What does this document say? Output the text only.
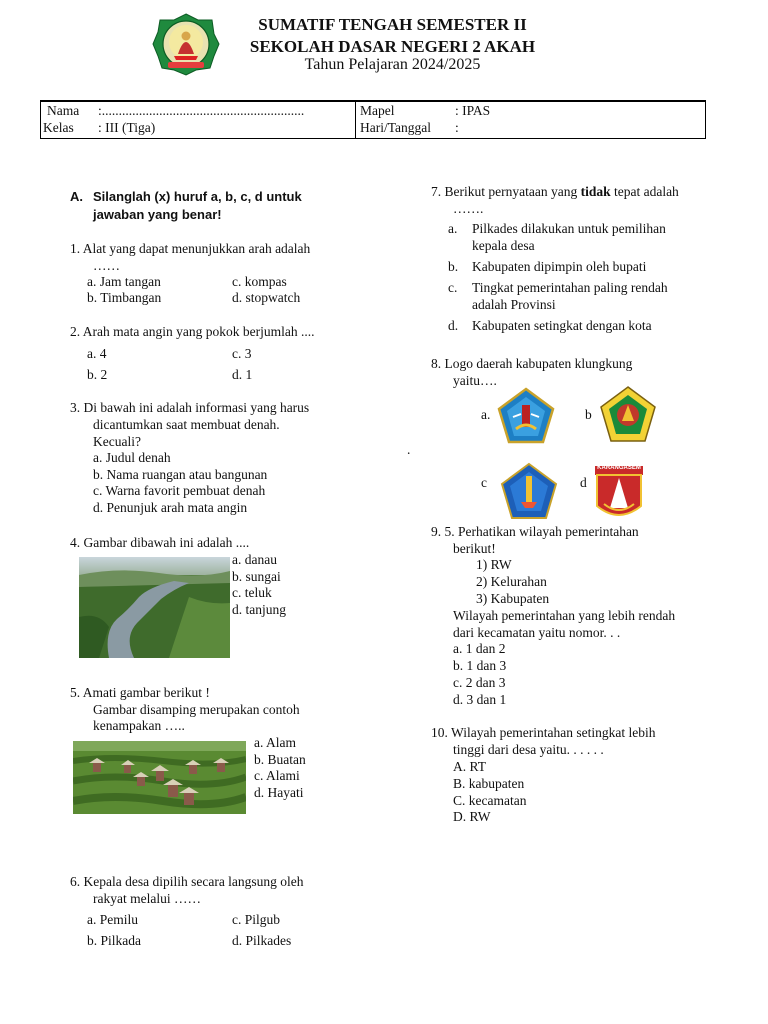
SUMATIF TENGAH SEMESTER II
SEKOLAH DASAR NEGERI 2 AKAH
Tahun Pelajaran 2024/2025
Nama :............................................................
Kelas : III (Tiga)
Mapel	: IPAS
Hari/Tanggal :
A. Silanglah (x) huruf a, b, c, d untuk
jawaban yang benar!
1. Alat yang dapat menunjukkan arah adalah
……
a. Jam tangan
b. Timbangan
c. kompas
d. stopwatch
2. Arah mata angin yang pokok berjumlah ....
a. 4
b. 2
c. 3
d. 1
3. Di bawah ini adalah informasi yang harus
dicantumkan saat membuat denah.
Kecuali?
a. Judul denah
b. Nama ruangan atau bangunan
c. Warna favorit pembuat denah
d. Penunjuk arah mata angin
4. Gambar dibawah ini adalah ....
a. danau
b. sungai
c. teluk
d. tanjung
5. Amati gambar berikut !
Gambar disamping merupakan contoh
kenampakan …..
a. Alam
b. Buatan
c. Alami
d. Hayati
6. Kepala desa dipilih secara langsung oleh
rakyat melalui ……
a. Pemilu
b. Pilkada
c. Pilgub
d. Pilkades
7. Berikut pernyataan yang tidak tepat adalah
…….
a. Pilkades dilakukan untuk pemilihan
kepala desa
b. Kabupaten dipimpin oleh bupati
c. Tingkat pemerintahan paling rendah
adalah Provinsi
d. Kabupaten setingkat dengan kota
8. Logo daerah kabupaten klungkung
yaitu….
a.	b
c	d
.
KARANGASEM
9. 5. Perhatikan wilayah pemerintahan
berikut!
1) RW
2) Kelurahan
3) Kabupaten
Wilayah pemerintahan yang lebih rendah
dari kecamatan yaitu nomor. . .
a. 1 dan 2
b. 1 dan 3
c. 2 dan 3
d. 3 dan 1
10. Wilayah pemerintahan setingkat lebih
tinggi dari desa yaitu. . . . . .
A. RT
B. kabupaten
C. kecamatan
D. RW
